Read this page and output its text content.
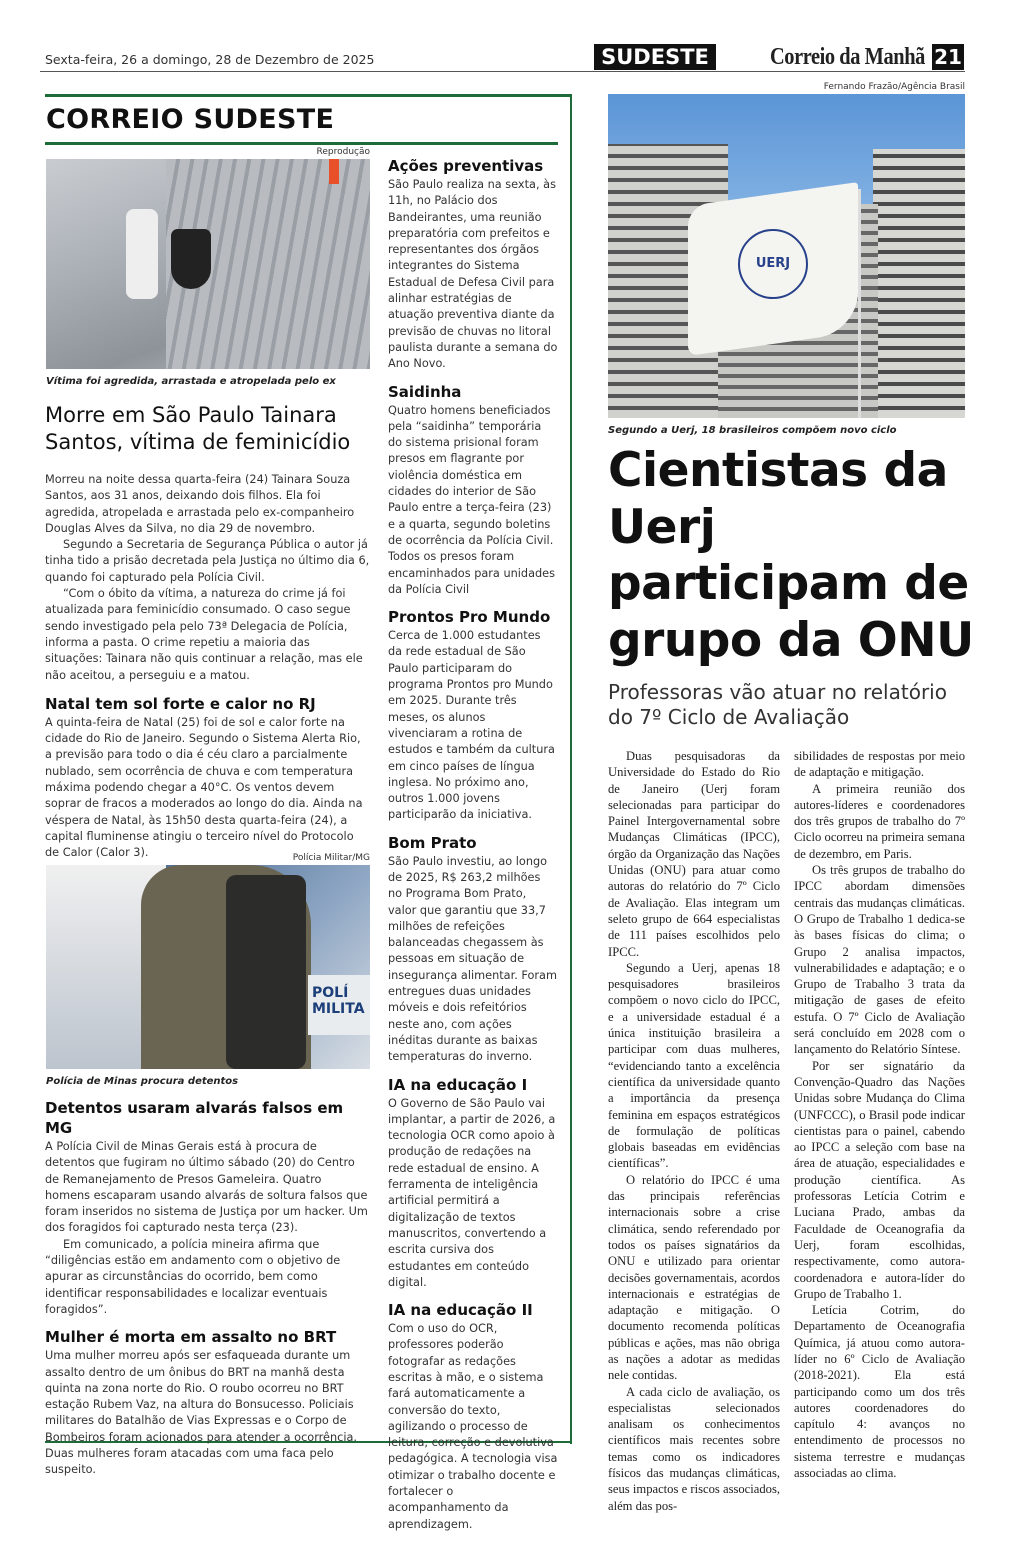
Sexta-feira, 26 a domingo, 28 de Dezembro de 2025	SUDESTE	Correio da Manhã 21
CORREIO SUDESTE
Reprodução
Vítima foi agredida, arrastada e atropelada pelo ex
Morre em São Paulo Tainara Santos, vítima de feminicídio

Morreu na noite dessa quarta-feira (24) Tainara Souza Santos, aos 31 anos, deixando dois filhos. Ela foi agredida, atropelada e arrastada pelo ex-companheiro Douglas Alves da Silva, no dia 29 de novembro.

Segundo a Secretaria de Segurança Pública o autor já tinha tido a prisão decretada pela Justiça no último dia 6, quando foi capturado pela Polícia Civil.

“Com o óbito da vítima, a natureza do crime já foi atualizada para feminicídio consumado. O caso segue sendo investigado pela pelo 73ª Delegacia de Polícia, informa a pasta. O crime repetiu a maioria das situações: Tainara não quis continuar a relação, mas ele não aceitou, a perseguiu e a matou.

Natal tem sol forte e calor no RJ

A quinta-feira de Natal (25) foi de sol e calor forte na cidade do Rio de Janeiro. Segundo o Sistema Alerta Rio, a previsão para todo o dia é céu claro a parcialmente nublado, sem ocorrência de chuva e com temperatura máxima podendo chegar a 40°C. Os ventos devem soprar de fracos a moderados ao longo do dia. Ainda na véspera de Natal, às 15h50 desta quarta-feira (24), a capital fluminense atingiu o terceiro nível do Protocolo de Calor (Calor 3).	Polícia Militar/MG
POLÍ MILITA
Polícia de Minas procura detentos
Detentos usaram alvarás falsos em MG

A Polícia Civil de Minas Gerais está à procura de detentos que fugiram no último sábado (20) do Centro de Remanejamento de Presos Gameleira. Quatro homens escaparam usando alvarás de soltura falsos que foram inseridos no sistema de Justiça por um hacker. Um dos foragidos foi capturado nesta terça (23).

Em comunicado, a polícia mineira afirma que “diligências estão em andamento com o objetivo de apurar as circunstâncias do ocorrido, bem como identificar responsabilidades e localizar eventuais foragidos”.

Mulher é morta em assalto no BRT

Uma mulher morreu após ser esfaqueada durante um assalto dentro de um ônibus do BRT na manhã desta quinta na zona norte do Rio. O roubo ocorreu no BRT estação Rubem Vaz, na altura do Bonsucesso. Policiais militares do Batalhão de Vias Expressas e o Corpo de Bombeiros foram acionados para atender a ocorrência. Duas mulheres foram atacadas com uma faca pelo suspeito.

Ações preventivas
São Paulo realiza na sexta, às 11h, no Palácio dos Bandeirantes, uma reunião preparatória com prefeitos e representantes dos órgãos integrantes do Sistema Estadual de Defesa Civil para alinhar estratégias de atuação preventiva diante da previsão de chuvas no litoral paulista durante a semana do Ano Novo.
Saidinha
Quatro homens beneficiados pela “saidinha” temporária do sistema prisional foram presos em flagrante por violência doméstica em cidades do interior de São Paulo entre a terça-feira (23) e a quarta, segundo boletins de ocorrência da Polícia Civil. Todos os presos foram encaminhados para unidades da Polícia Civil
Prontos Pro Mundo
Cerca de 1.000 estudantes da rede estadual de São Paulo participaram do programa Prontos pro Mundo em 2025. Durante três meses, os alunos vivenciaram a rotina de estudos e também da cultura em cinco países de língua inglesa. No próximo ano, outros 1.000 jovens participarão da iniciativa.
Bom Prato
São Paulo investiu, ao longo de 2025, R$ 263,2 milhões no Programa Bom Prato, valor que garantiu que 33,7 milhões de refeições balanceadas chegassem às pessoas em situação de insegurança alimentar. Foram entregues duas unidades móveis e dois refeitórios neste ano, com ações inéditas durante as baixas temperaturas do inverno.
IA na educação I
O Governo de São Paulo vai implantar, a partir de 2026, a tecnologia OCR como apoio à produção de redações na rede estadual de ensino. A ferramenta de inteligência artificial permitirá a digitalização de textos manuscritos, convertendo a escrita cursiva dos estudantes em conteúdo digital.
IA na educação II
Com o uso do OCR, professores poderão fotografar as redações escritas à mão, e o sistema fará automaticamente a conversão do texto, agilizando o processo de leitura, correção e devolutiva pedagógica. A tecnologia visa otimizar o trabalho docente e fortalecer o acompanhamento da aprendizagem.
Fernando Frazão/Agência Brasil
UERJ
Segundo a Uerj, 18 brasileiros compõem novo ciclo
Cientistas da Uerj participam de grupo da ONU
Professoras vão atuar no relatório do 7º Ciclo de Avaliação

Duas pesquisadoras da Universidade do Estado do Rio de Janeiro (Uerj foram selecionadas para participar do Painel Intergovernamental sobre Mudanças Climáticas (IPCC), órgão da Organização das Nações Unidas (ONU) para atuar como autoras do relatório do 7º Ciclo de Avaliação. Elas integram um seleto grupo de 664 especialistas de 111 países escolhidos pelo IPCC.

Segundo a Uerj, apenas 18 pesquisadores brasileiros compõem o novo ciclo do IPCC, e a universidade estadual é a única instituição brasileira a participar com duas mulheres, “evidenciando tanto a excelência científica da universidade quanto a importância da presença feminina em espaços estratégicos de formulação de políticas globais baseadas em evidências científicas”.

O relatório do IPCC é uma das principais referências internacionais sobre a crise climática, sendo referendado por todos os países signatários da ONU e utilizado para orientar decisões governamentais, acordos internacionais e estratégias de adaptação e mitigação. O documento recomenda políticas públicas e ações, mas não obriga as nações a adotar as medidas nele contidas.

A cada ciclo de avaliação, os especialistas selecionados analisam os conhecimentos científicos mais recentes sobre temas como os indicadores físicos das mudanças climáticas, seus impactos e riscos associados, além das pos-

sibilidades de respostas por meio de adaptação e mitigação.

A primeira reunião dos autores-líderes e coordenadores dos três grupos de trabalho do 7º Ciclo ocorreu na primeira semana de dezembro, em Paris.

Os três grupos de trabalho do IPCC abordam dimensões centrais das mudanças climáticas. O Grupo de Trabalho 1 dedica-se às bases físicas do clima; o Grupo 2 analisa impactos, vulnerabilidades e adaptação; e o Grupo de Trabalho 3 trata da mitigação de gases de efeito estufa. O 7º Ciclo de Avaliação será concluído em 2028 com o lançamento do Relatório Síntese.

Por ser signatário da Convenção-Quadro das Nações Unidas sobre Mudança do Clima (UNFCCC), o Brasil pode indicar cientistas para o painel, cabendo ao IPCC a seleção com base na área de atuação, especialidades e produção científica. As professoras Letícia Cotrim e Luciana Prado, ambas da Faculdade de Oceanografia da Uerj, foram escolhidas, respectivamente, como autora-coordenadora e autora-líder do Grupo de Trabalho 1.

Letícia Cotrim, do Departamento de Oceanografia Química, já atuou como autora-líder no 6º Ciclo de Avaliação (2018-2021). Ela está participando como um dos três autores coordenadores do capítulo 4: avanços no entendimento de processos no sistema terrestre e mudanças associadas ao clima.
